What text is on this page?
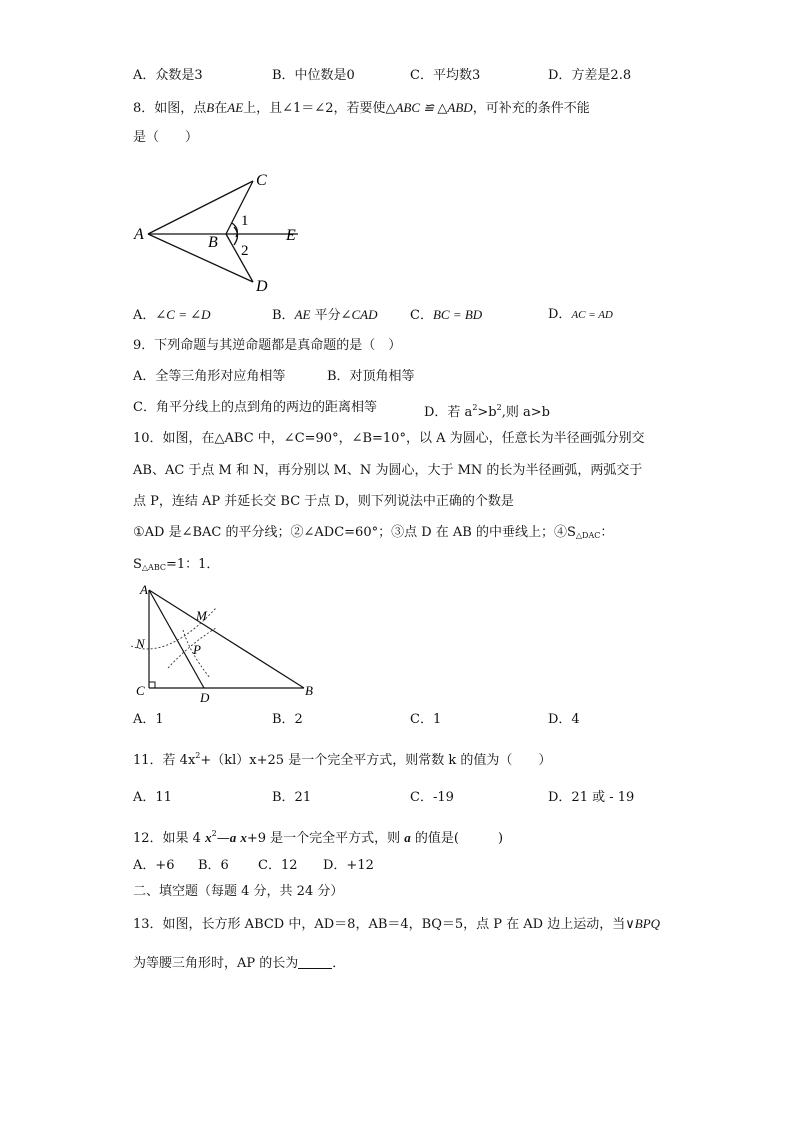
A．众数是3	B．中位数是0	C．平均数3	D．方差是2.8
8．如图，点B在AE上，且∠1＝∠2，若要使△ABC ≌ △ABD，可补充的条件不能
是（　　）
A	B
C
D
E
1
2
A．∠C = ∠D	B．AE 平分∠CAD C．BC = BD	D．AC = AD
9．下列命题与其逆命题都是真命题的是（　）
A．全等三角形对应角相等	B．对顶角相等
C．角平分线上的点到角的两边的距离相等	D．若 $a^2>b^2$,则 a>b
10．如图，在△ABC 中，∠C=90°，∠B=10°，以 A 为圆心，任意长为半径画弧分别交
AB、AC 于点 M 和 N，再分别以 M、N 为圆心，大于 MN 的长为半径画弧，两弧交于
点 P，连结 AP 并延长交 BC 于点 D，则下列说法中正确的个数是
①AD 是∠BAC 的平分线；②∠ADC=60°；③点 D 在 AB 的中垂线上；$④S_{\triangle DAC}$：
$S_{\triangle ABC}=1$：1．
A
M
N	P
C	D	B
A．1	B．2	C．1	D．4
11．若 $4x^2+(kl)x+25$ 是一个完全平方式，则常数 k 的值为（　　）
A．11	B．21	C．-19	D．21 或 - 19
12．如果 4 $x^2—a$ x+9 是一个完全平方式，则 a 的值是(　　　)
A．+6 B．6 C．12 D．+12
二、填空题（每题 4 分，共 24 分）
13．如图，长方形 ABCD 中，AD＝8，AB＝4，BQ＝5，点 P 在 AD 边上运动，当∨BPQ
为等腰三角形时，AP 的长为	．
